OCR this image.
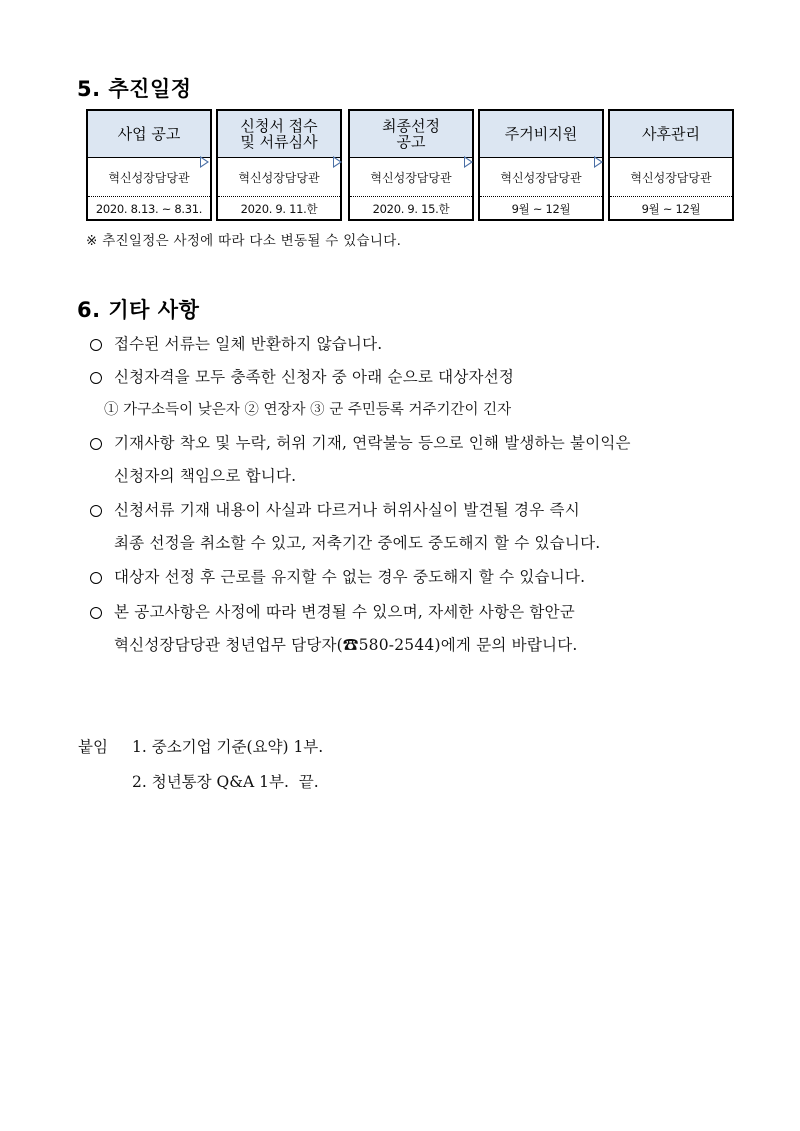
5. 추진일정
사업 공고
혁신성장담당관
2020. 8.13. ~ 8.31.
신청서 접수
및 서류심사
혁신성장담당관
2020. 9. 11.한
최종선정
공고
혁신성장담당관
2020. 9. 15.한
주거비지원
혁신성장담당관
9월 ~ 12월
사후관리
혁신성장담당관
9월 ~ 12월
※ 추진일정은 사정에 따라 다소 변동될 수 있습니다.
6. 기타 사항
접수된 서류는 일체 반환하지 않습니다.
신청자격을 모두 충족한 신청자 중 아래 순으로 대상자선정
① 가구소득이 낮은자 ② 연장자 ③ 군 주민등록 거주기간이 긴자
기재사항 착오 및 누락, 허위 기재, 연락불능 등으로 인해 발생하는 불이익은
신청자의 책임으로 합니다.
신청서류 기재 내용이 사실과 다르거나 허위사실이 발견될 경우 즉시
최종 선정을 취소할 수 있고, 저축기간 중에도 중도해지 할 수 있습니다.
대상자 선정 후 근로를 유지할 수 없는 경우 중도해지 할 수 있습니다.
본 공고사항은 사정에 따라 변경될 수 있으며, 자세한 사항은 함안군
혁신성장담당관 청년업무 담당자(☎580-2544)에게 문의 바랍니다.
붙임 1. 중소기업 기준(요약) 1부.
2. 청년통장 Q&A 1부.  끝.
